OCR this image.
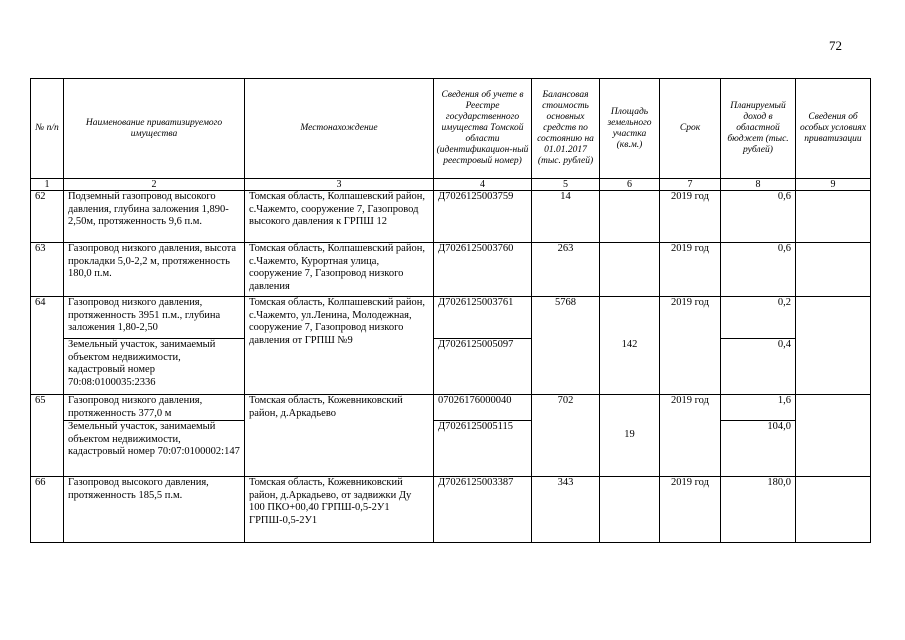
72
№ п/п	Наименование приватизируемого имущества	Местонахождение	Сведения об учете в Реестре государственного имущества Томской области (идентификацион-ный реестровый номер)	Балансовая стоимость основных средств по состоянию на 01.01.2017 (тыс. рублей)	Площадь земельного участка (кв.м.)	Срок	Планируемый доход в областной бюджет (тыс. рублей)	Сведения об особых условиях приватизации
1	2	3	4	5	6	7	8	9
62	Подземный газопровод высокого давления, глубина заложения 1,890-2,50м, протяженность 9,6 п.м.	Томская область, Колпашевский район, с.Чажемто, сооружение 7, Газопровод высокого давления к ГРПШ 12	Д7026125003759	14		2019 год	0,6	
63	Газопровод низкого давления, высота прокладки 5,0-2,2 м, протяженность 180,0 п.м.	Томская область, Колпашевский район, с.Чажемто, Курортная улица, сооружение 7, Газопровод низкого давления	Д7026125003760	263		2019 год	0,6	
64	Газопровод низкого давления, протяженность 3951 п.м., глубина заложения 1,80-2,50	Томская область, Колпашевский район, с.Чажемто, ул.Ленина, Молодежная, сооружение 7, Газопровод низкого давления от ГРПШ №9	Д7026125003761	5768	142	2019 год	0,2	
	Земельный участок, занимаемый объектом недвижимости, кадастровый номер 70:08:0100035:2336		Д7026125005097				0,4	
65	Газопровод низкого давления, протяженность 377,0 м	Томская область, Кожевниковский район, д.Аркадьево	07026176000040	702	19	2019 год	1,6	
	Земельный участок, занимаемый объектом недвижимости, кадастровый номер 70:07:0100002:147		Д7026125005115				104,0	
66	Газопровод высокого давления, протяженность 185,5 п.м.	Томская область, Кожевниковский район, д.Аркадьево, от задвижки Ду 100 ПКО+00,40 ГРПШ-0,5-2У1 ГРПШ-0,5-2У1	Д7026125003387	343		2019 год	180,0	
